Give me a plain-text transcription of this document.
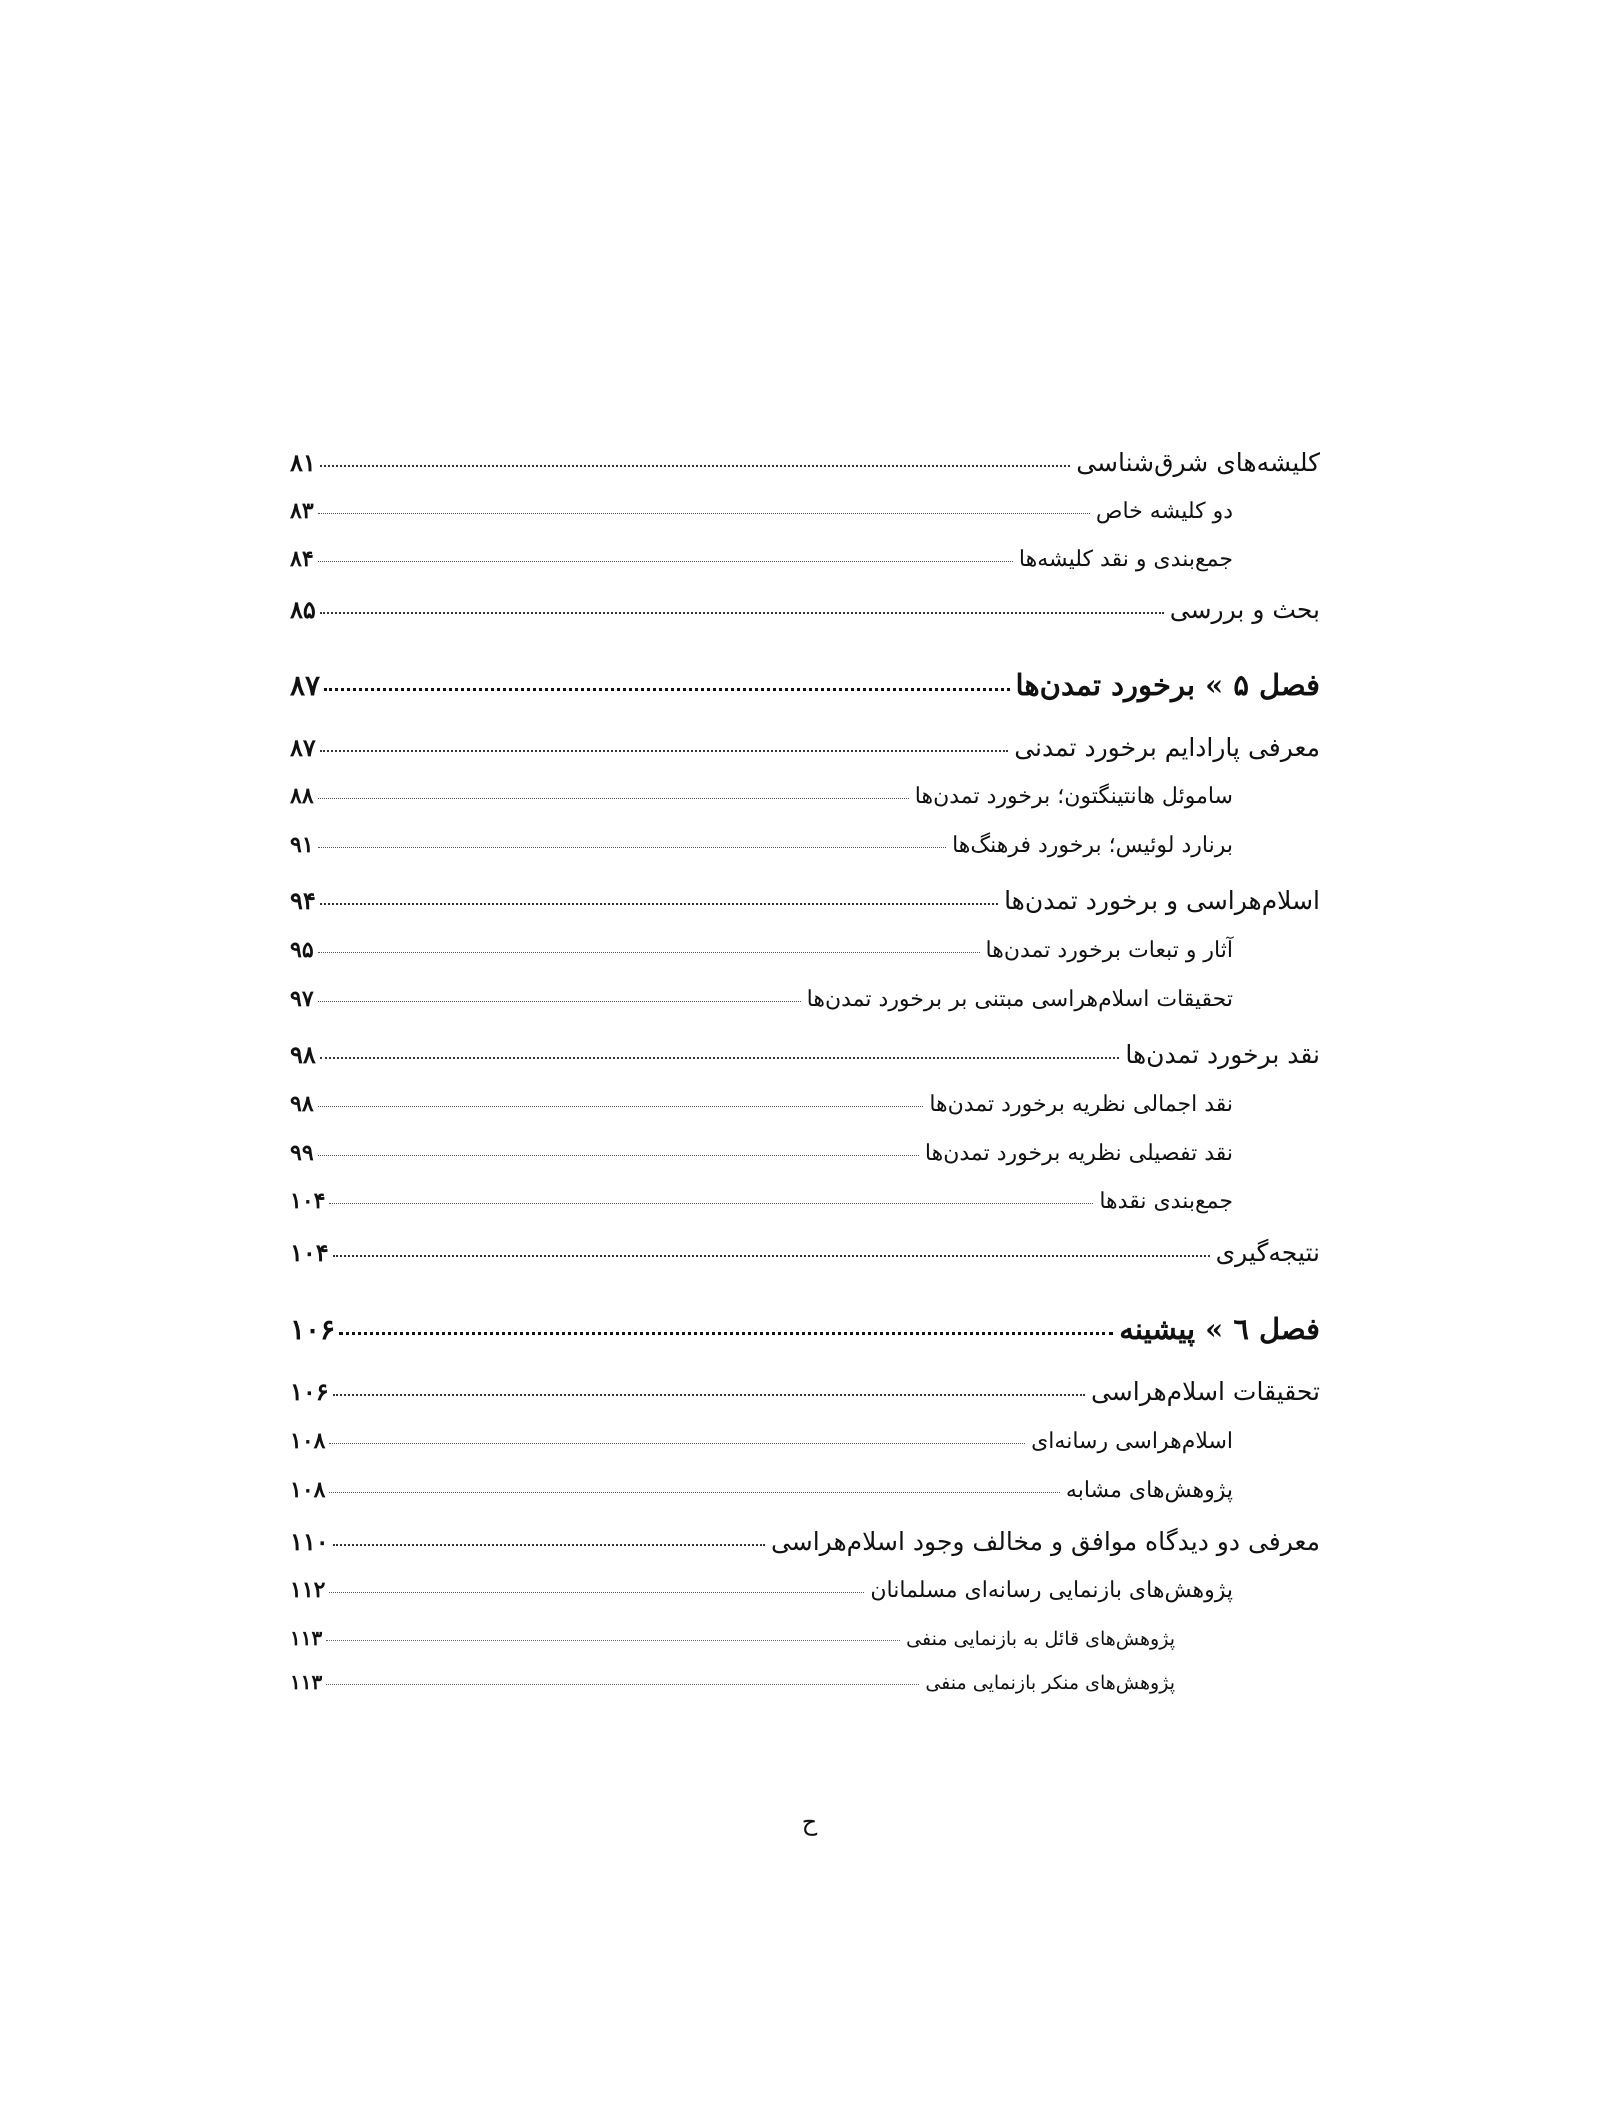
کلیشه‌های شرق‌شناسی
۸۱
دو کلیشه خاص
۸۳
جمع‌بندی و نقد کلیشه‌ها
۸۴
بحث و بررسی
۸۵
فصل ۵ » برخورد تمدن‌ها
۸۷
معرفی پارادایم برخورد تمدنی
۸۷
ساموئل هانتینگتون؛ برخورد تمدن‌ها
۸۸
برنارد لوئیس؛ برخورد فرهنگ‌ها
۹۱
اسلام‌هراسی و برخورد تمدن‌ها
۹۴
آثار و تبعات برخورد تمدن‌ها
۹۵
تحقیقات اسلام‌هراسی مبتنی بر برخورد تمدن‌ها
۹۷
نقد برخورد تمدن‌ها
۹۸
نقد اجمالی نظریه برخورد تمدن‌ها
۹۸
نقد تفصیلی نظریه برخورد تمدن‌ها
۹۹
جمع‌بندی نقدها
۱۰۴
نتیجه‌گیری
۱۰۴
فصل ٦ » پیشینه
۱۰۶
تحقیقات اسلام‌هراسی
۱۰۶
اسلام‌هراسی رسانه‌ای
۱۰۸
پژوهش‌های مشابه
۱۰۸
معرفی دو دیدگاه موافق و مخالف وجود اسلام‌هراسی
۱۱۰
پژوهش‌های بازنمایی رسانه‌ای مسلمانان
۱۱۲
پژوهش‌های قائل به بازنمایی منفی
۱۱۳
پژوهش‌های منکر بازنمایی منفی
۱۱۳
ح
